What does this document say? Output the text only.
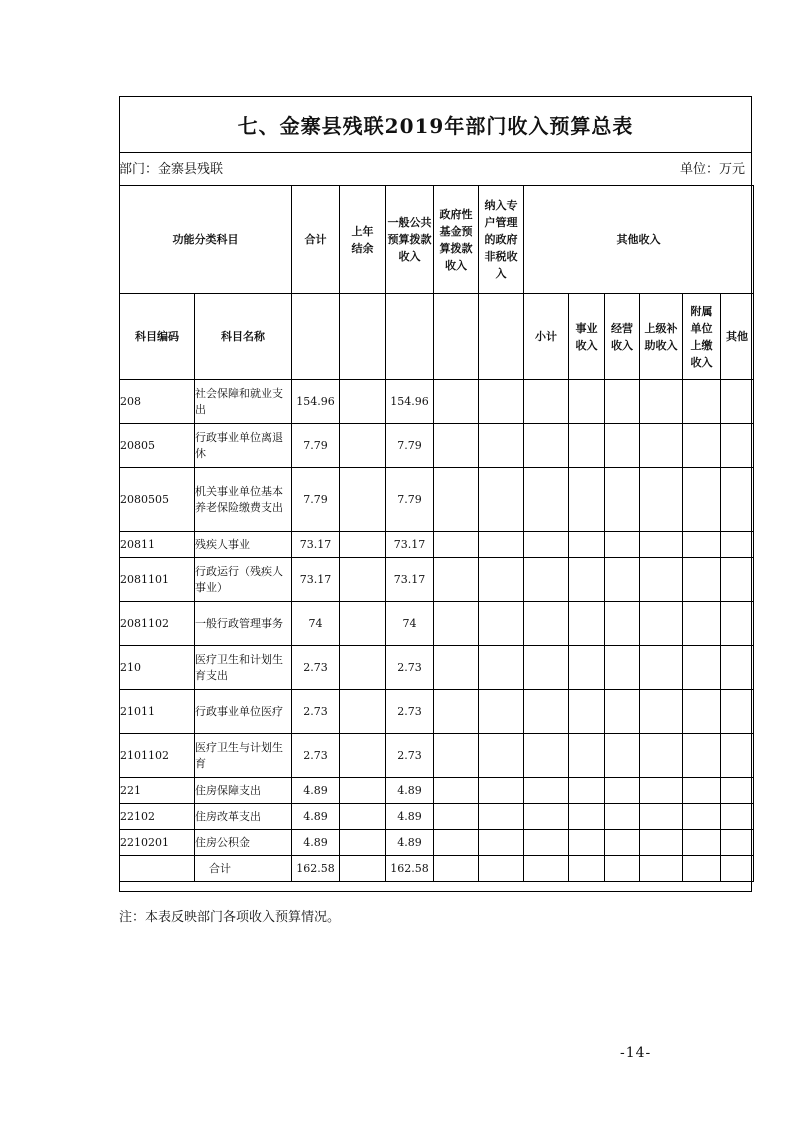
七、金寨县残联2019年部门收入预算总表
部门：金寨县残联	单位：万元
功能分类科目		合计	上年结余	一般公共预算拨款收入	政府性基金预算拨款收入	纳入专户管理的政府非税收入	其他收入					
科目编码	科目名称						小计	事业收入	经营收入	上级补助收入	附属单位上缴收入	其他
208	社会保障和就业支出	154.96		154.96								
20805	行政事业单位离退休	7.79		7.79								
2080505	机关事业单位基本养老保险缴费支出	7.79		7.79								
20811	残疾人事业	73.17		73.17								
2081101	行政运行（残疾人事业）	73.17		73.17								
2081102	一般行政管理事务	74		74								
210	医疗卫生和计划生育支出	2.73		2.73								
21011	行政事业单位医疗	2.73		2.73								
2101102	医疗卫生与计划生育	2.73		2.73								
221	住房保障支出	4.89		4.89								
22102	住房改革支出	4.89		4.89								
2210201	住房公积金	4.89		4.89								
	合计	162.58		162.58								
注：本表反映部门各项收入预算情况。
-14-
